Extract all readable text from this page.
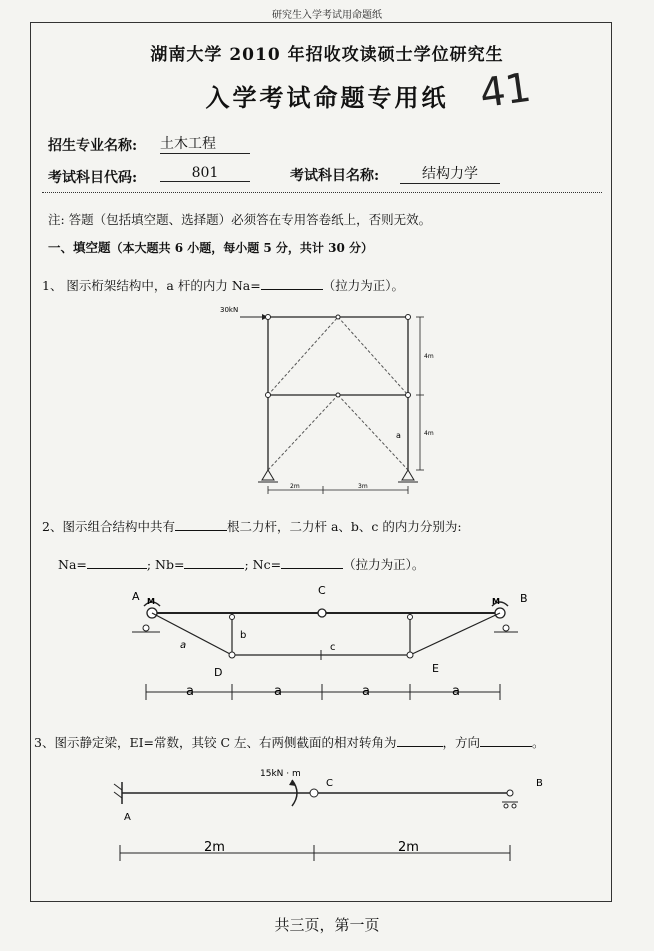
研究生入学考试用命题纸
湖南大学 2010 年招收攻读硕士学位研究生
入学考试命题专用纸 41
招生专业名称: 土木工程
考试科目代码:	801	考试科目名称:	结构力学
注: 答题（包括填空题、选择题）必须答在专用答卷纸上，否则无效。
一、填空题（本大题共 6 小题，每小题 5 分，共计 30 分）
1、 图示桁架结构中，a 杆的内力 Na=	（拉力为正）。
30kN
a
4m
4m
2m	3m
2、图示组合结构中共有	根二力杆，二力杆 a、b、c 的内力分别为:
Na=	; Nb=	; Nc=	（拉力为正）。
A M	M B
C
D	E
a
b
c
a	a	a	a
3、图示静定梁，EI=常数，其铰 C 左、右两侧截面的相对转角为	，方向	。
15kN · m
C	B
A
2m	2m
共三页，第一页
